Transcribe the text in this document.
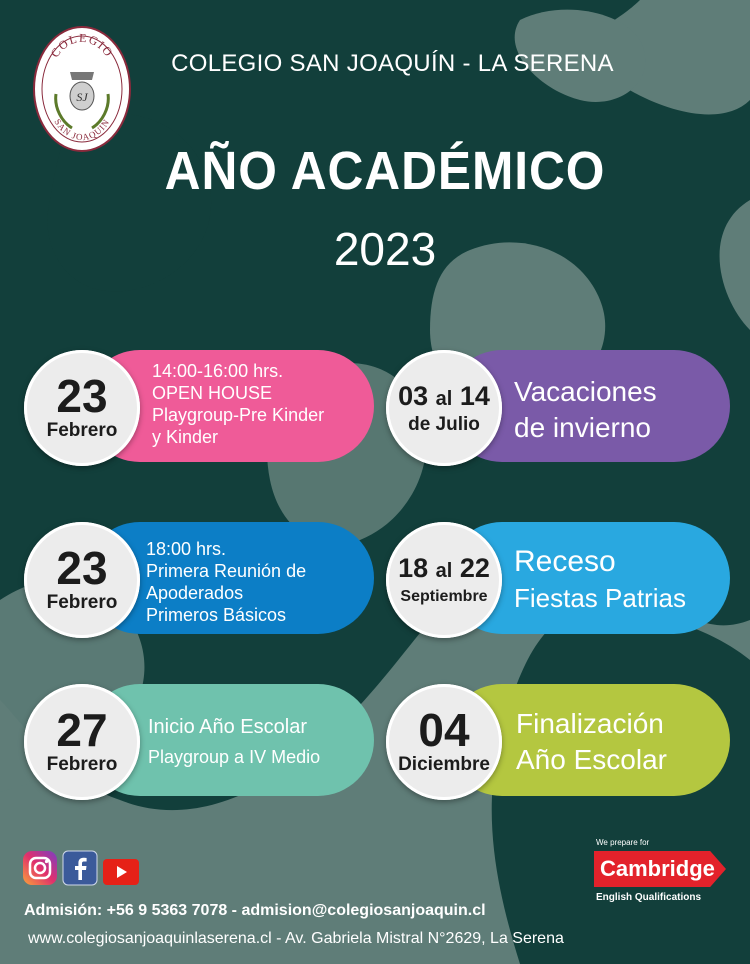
COLEGIO
SAN JOAQUIN
SJ
COLEGIO SAN JOAQUÍN - LA SERENA
AÑO ACADÉMICO
2023
23
Febrero
14:00-16:00 hrs.
OPEN HOUSE
Playgroup-Pre Kinder
y Kinder
23
Febrero
18:00 hrs.
Primera Reunión de
Apoderados
Primeros Básicos
27
Febrero
Inicio Año Escolar
Playgroup a IV Medio
03 al 14
de Julio
Vacaciones
de invierno
18 al 22
Septiembre
Receso
Fiestas Patrias
04
Diciembre
Finalización
Año Escolar
We prepare for
Cambridge
English Qualifications
Admisión: +56 9 5363 7078 - admision@colegiosanjoaquin.cl
www.colegiosanjoaquinlaserena.cl - Av. Gabriela Mistral N°2629, La Serena
